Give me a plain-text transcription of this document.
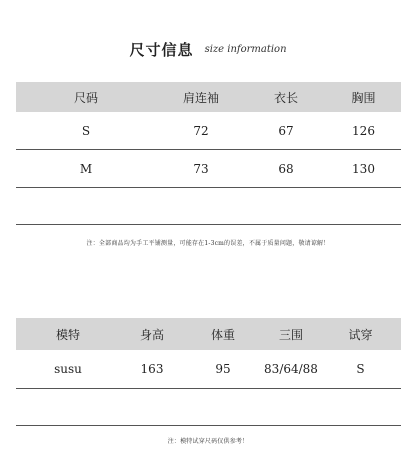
尺寸信息 size information
尺码	肩连袖	衣长	胸围
S	72	67	126
M	73	68	130
注：全部商品均为手工平铺测量，可能存在1-3cm的误差，不属于质量问题，敬请谅解！
模特	身高	体重	三围	试穿
susu	163	95	83/64/88	S
注：模特试穿尺码仅供参考！
